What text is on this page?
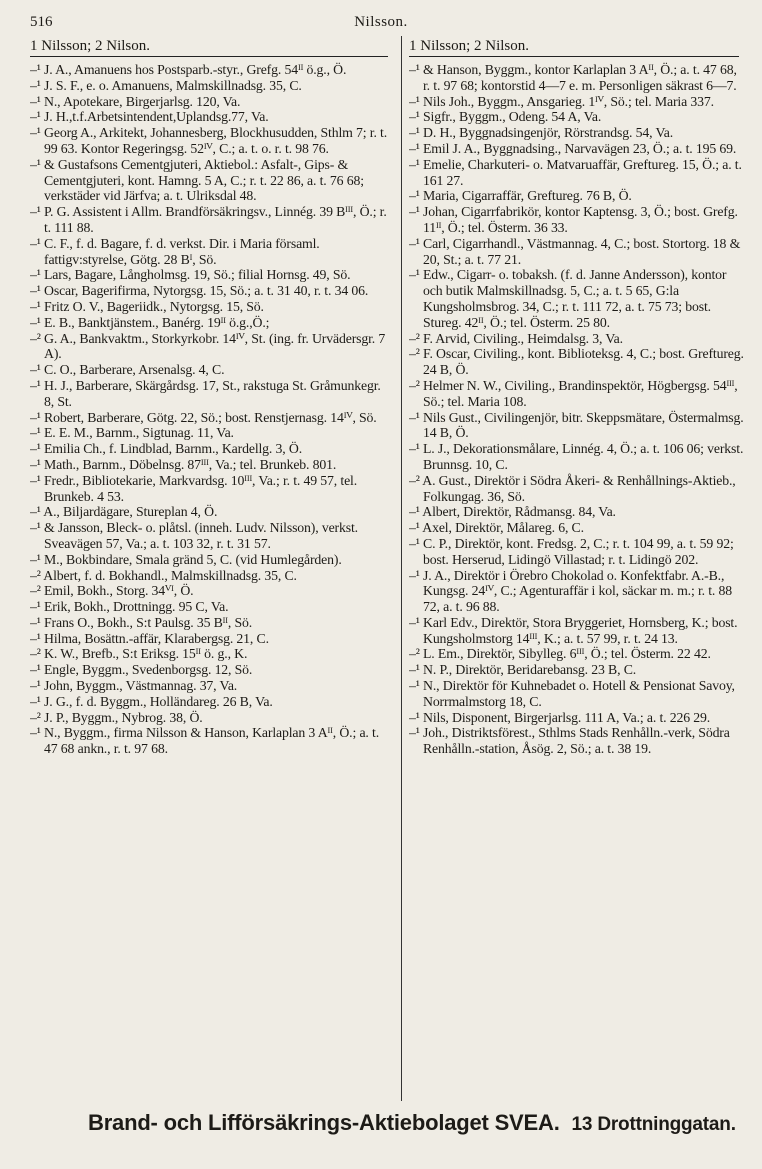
516	Nilsson.
1 Nilsson; 2 Nilson.	1 Nilsson; 2 Nilson.

–¹ J. A., Amanuens hos Postsparb.-styr., Grefg. 54ᴵᴵ ö.g., Ö.

–¹ J. S. F., e. o. Amanuens, Malmskillnadsg. 35, C.

–¹ N., Apotekare, Birgerjarlsg. 120, Va.

–¹ J. H.,t.f.Arbetsintendent,Uplandsg.77, Va.

–¹ Georg A., Arkitekt, Johannesberg, Blockhusudden, Sthlm 7; r. t. 99 63. Kontor Regeringsg. 52ᴵⱽ, C.; a. t. o. r. t. 98 76.

–¹ & Gustafsons Cementgjuteri, Aktiebol.: Asfalt-, Gips- & Cementgjuteri, kont. Hamng. 5 A, C.; r. t. 22 86, a. t. 76 68; verkstäder vid Järfva; a. t. Ulriksdal 48.

–¹ P. G. Assistent i Allm. Brandförsäkringsv., Linnég. 39 Bᴵᴵᴵ, Ö.; r. t. 111 88.

–¹ C. F., f. d. Bagare, f. d. verkst. Dir. i Maria församl. fattigv:styrelse, Götg. 28 Bᴵ, Sö.

–¹ Lars, Bagare, Långholmsg. 19, Sö.; filial Hornsg. 49, Sö.

–¹ Oscar, Bagerifirma, Nytorgsg. 15, Sö.; a. t. 31 40, r. t. 34 06.

–¹ Fritz O. V., Bageriidk., Nytorgsg. 15, Sö.

–¹ E. B., Banktjänstem., Banérg. 19ᴵᴵ ö.g.,Ö.;

–² G. A., Bankvaktm., Storkyrkobr. 14ᴵⱽ, St. (ing. fr. Urvädersgr. 7 A).

–¹ C. O., Barberare, Arsenalsg. 4, C.

–¹ H. J., Barberare, Skärgårdsg. 17, St., rakstuga St. Gråmunkegr. 8, St.

–¹ Robert, Barberare, Götg. 22, Sö.; bost. Renstjernasg. 14ᴵⱽ, Sö.

–¹ E. E. M., Barnm., Sigtunag. 11, Va.

–¹ Emilia Ch., f. Lindblad, Barnm., Kardellg. 3, Ö.

–¹ Math., Barnm., Döbelnsg. 87ᴵᴵᴵ, Va.; tel. Brunkeb. 801.

–¹ Fredr., Bibliotekarie, Markvardsg. 10ᴵᴵᴵ, Va.; r. t. 49 57, tel. Brunkeb. 4 53.

–¹ A., Biljardägare, Stureplan 4, Ö.

–¹ & Jansson, Bleck- o. plåtsl. (inneh. Ludv. Nilsson), verkst. Sveavägen 57, Va.; a. t. 103 32, r. t. 31 57.

–¹ M., Bokbindare, Smala gränd 5, C. (vid Humlegården).

–² Albert, f. d. Bokhandl., Malmskillnadsg. 35, C.

–² Emil, Bokh., Storg. 34ⱽᴵ, Ö.

–¹ Erik, Bokh., Drottningg. 95 C, Va.

–¹ Frans O., Bokh., S:t Paulsg. 35 Bᴵᴵ, Sö.

–¹ Hilma, Bosättn.-affär, Klarabergsg. 21, C.

–² K. W., Brefb., S:t Eriksg. 15ᴵᴵ ö. g., K.

–¹ Engle, Byggm., Svedenborgsg. 12, Sö.

–¹ John, Byggm., Västmannag. 37, Va.

–¹ J. G., f. d. Byggm., Holländareg. 26 B, Va.

–² J. P., Byggm., Nybrog. 38, Ö.

–¹ N., Byggm., firma Nilsson & Hanson, Karlaplan 3 Aᴵᴵ, Ö.; a. t. 47 68 ankn., r. t. 97 68.

–¹ & Hanson, Byggm., kontor Karlaplan 3 Aᴵᴵ, Ö.; a. t. 47 68, r. t. 97 68; kontorstid 4—7 e. m. Personligen säkrast 6—7.

–¹ Nils Joh., Byggm., Ansgarieg. 1ᴵⱽ, Sö.; tel. Maria 337.

–¹ Sigfr., Byggm., Odeng. 54 A, Va.

–¹ D. H., Byggnadsingenjör, Rörstrandsg. 54, Va.

–¹ Emil J. A., Byggnadsing., Narvavägen 23, Ö.; a. t. 195 69.

–¹ Emelie, Charkuteri- o. Matvaruaffär, Greftureg. 15, Ö.; a. t. 161 27.

–¹ Maria, Cigarraffär, Greftureg. 76 B, Ö.

–¹ Johan, Cigarrfabrikör, kontor Kaptensg. 3, Ö.; bost. Grefg. 11ᴵᴵ, Ö.; tel. Österm. 36 33.

–¹ Carl, Cigarrhandl., Västmannag. 4, C.; bost. Stortorg. 18 & 20, St.; a. t. 77 21.

–¹ Edw., Cigarr- o. tobaksh. (f. d. Janne Andersson), kontor och butik Malmskillnadsg. 5, C.; a. t. 5 65, G:la Kungsholmsbrog. 34, C.; r. t. 111 72, a. t. 75 73; bost. Stureg. 42ᴵᴵ, Ö.; tel. Österm. 25 80.

–² F. Arvid, Civiling., Heimdalsg. 3, Va.

–² F. Oscar, Civiling., kont. Biblioteksg. 4, C.; bost. Greftureg. 24 B, Ö.

–² Helmer N. W., Civiling., Brandinspektör, Högbergsg. 54ᴵᴵᴵ, Sö.; tel. Maria 108.

–¹ Nils Gust., Civilingenjör, bitr. Skeppsmätare, Östermalmsg. 14 B, Ö.

–¹ L. J., Dekorationsmålare, Linnég. 4, Ö.; a. t. 106 06; verkst. Brunnsg. 10, C.

–² A. Gust., Direktör i Södra Åkeri- & Renhållnings-Aktieb., Folkungag. 36, Sö.

–¹ Albert, Direktör, Rådmansg. 84, Va.

–¹ Axel, Direktör, Målareg. 6, C.

–¹ C. P., Direktör, kont. Fredsg. 2, C.; r. t. 104 99, a. t. 59 92; bost. Herserud, Lidingö Villastad; r. t. Lidingö 202.

–¹ J. A., Direktör i Örebro Chokolad o. Konfektfabr. A.-B., Kungsg. 24ᴵⱽ, C.; Agenturaffär i kol, säckar m. m.; r. t. 88 72, a. t. 96 88.

–¹ Karl Edv., Direktör, Stora Bryggeriet, Hornsberg, K.; bost. Kungsholmstorg 14ᴵᴵᴵ, K.; a. t. 57 99, r. t. 24 13.

–² L. Em., Direktör, Sibylleg. 6ᴵᴵᴵ, Ö.; tel. Österm. 22 42.

–¹ N. P., Direktör, Beridarebansg. 23 B, C.

–¹ N., Direktör för Kuhnebadet o. Hotell & Pensionat Savoy, Norrmalmstorg 18, C.

–¹ Nils, Disponent, Birgerjarlsg. 111 A, Va.; a. t. 226 29.

–¹ Joh., Distriktsförest., Sthlms Stads Renhålln.-verk, Södra Renhålln.-station, Åsög. 2, Sö.; a. t. 38 19.

Brand- och Lifförsäkrings-Aktiebolaget SVEA. 13 Drottninggatan.
